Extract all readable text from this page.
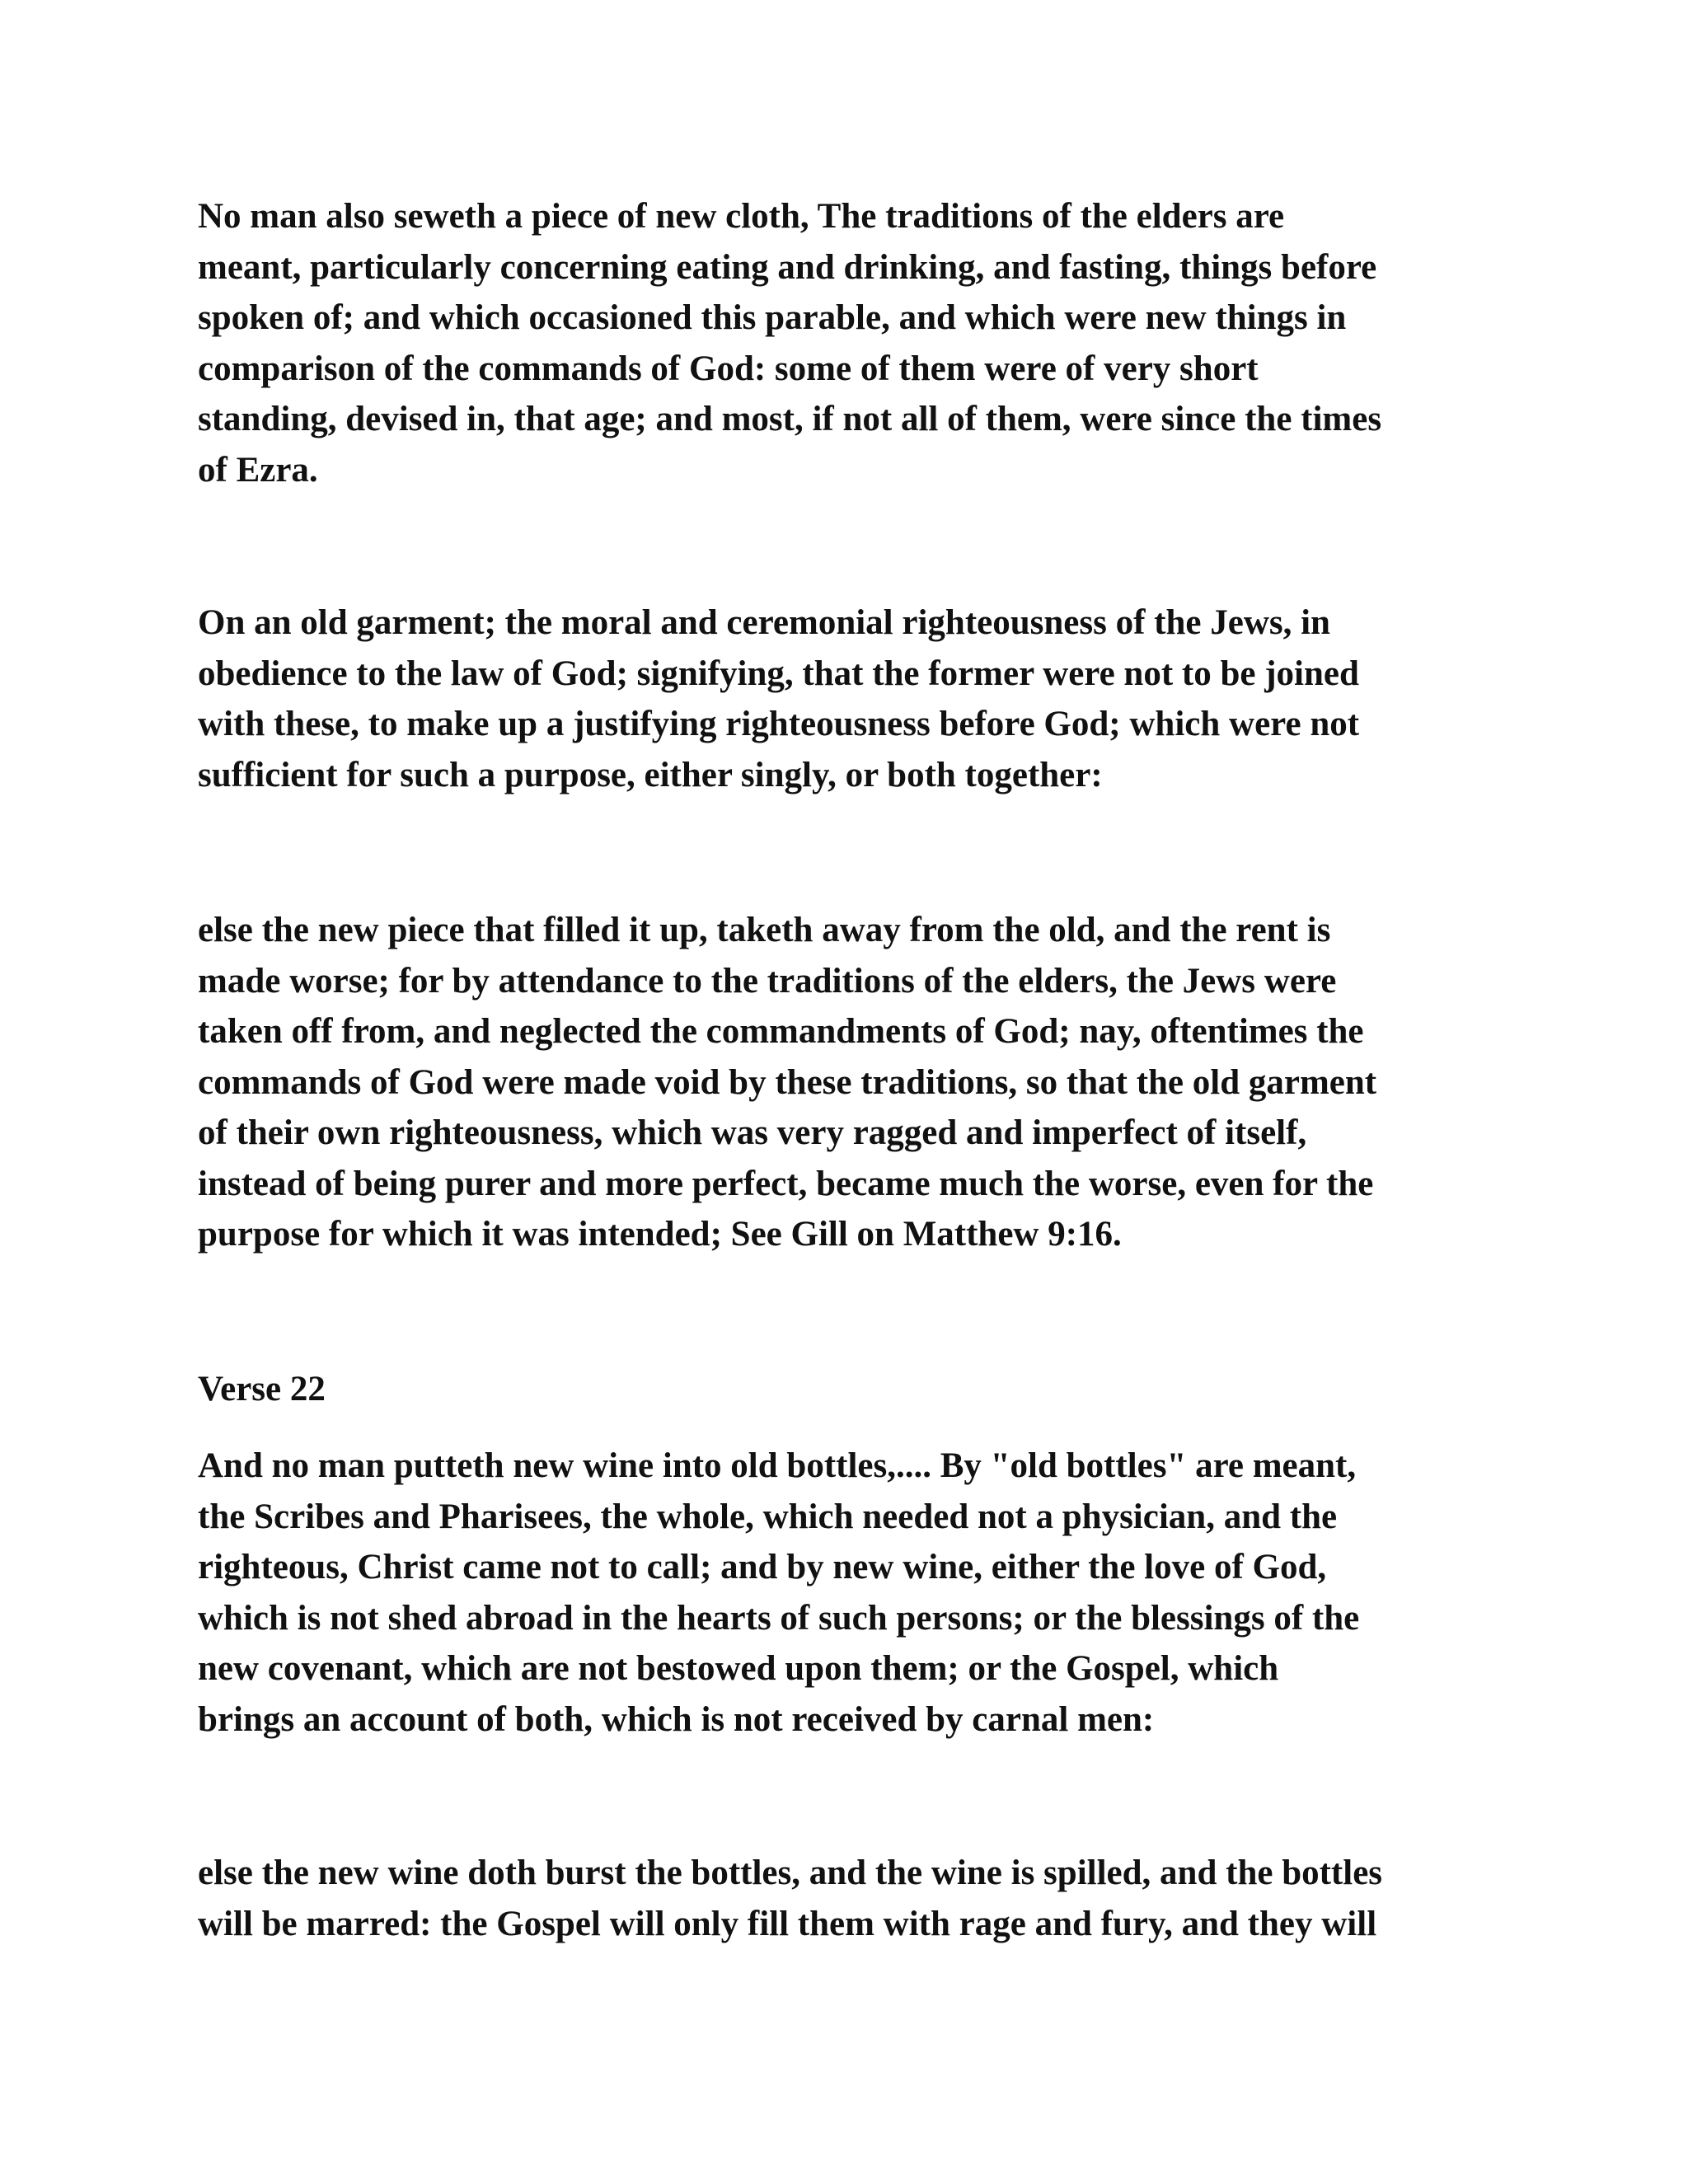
No man also seweth a piece of new cloth, The traditions of the elders are
meant, particularly concerning eating and drinking, and fasting, things before
spoken of; and which occasioned this parable, and which were new things in
comparison of the commands of God: some of them were of very short
standing, devised in, that age; and most, if not all of them, were since the times
of Ezra.

On an old garment; the moral and ceremonial righteousness of the Jews, in
obedience to the law of God; signifying, that the former were not to be joined
with these, to make up a justifying righteousness before God; which were not
sufficient for such a purpose, either singly, or both together:

else the new piece that filled it up, taketh away from the old, and the rent is
made worse; for by attendance to the traditions of the elders, the Jews were
taken off from, and neglected the commandments of God; nay, oftentimes the
commands of God were made void by these traditions, so that the old garment
of their own righteousness, which was very ragged and imperfect of itself,
instead of being purer and more perfect, became much the worse, even for the
purpose for which it was intended; See Gill on Matthew 9:16.

Verse 22

And no man putteth new wine into old bottles,.... By "old bottles" are meant,
the Scribes and Pharisees, the whole, which needed not a physician, and the
righteous, Christ came not to call; and by new wine, either the love of God,
which is not shed abroad in the hearts of such persons; or the blessings of the
new covenant, which are not bestowed upon them; or the Gospel, which
brings an account of both, which is not received by carnal men:

else the new wine doth burst the bottles, and the wine is spilled, and the bottles
will be marred: the Gospel will only fill them with rage and fury, and they will
